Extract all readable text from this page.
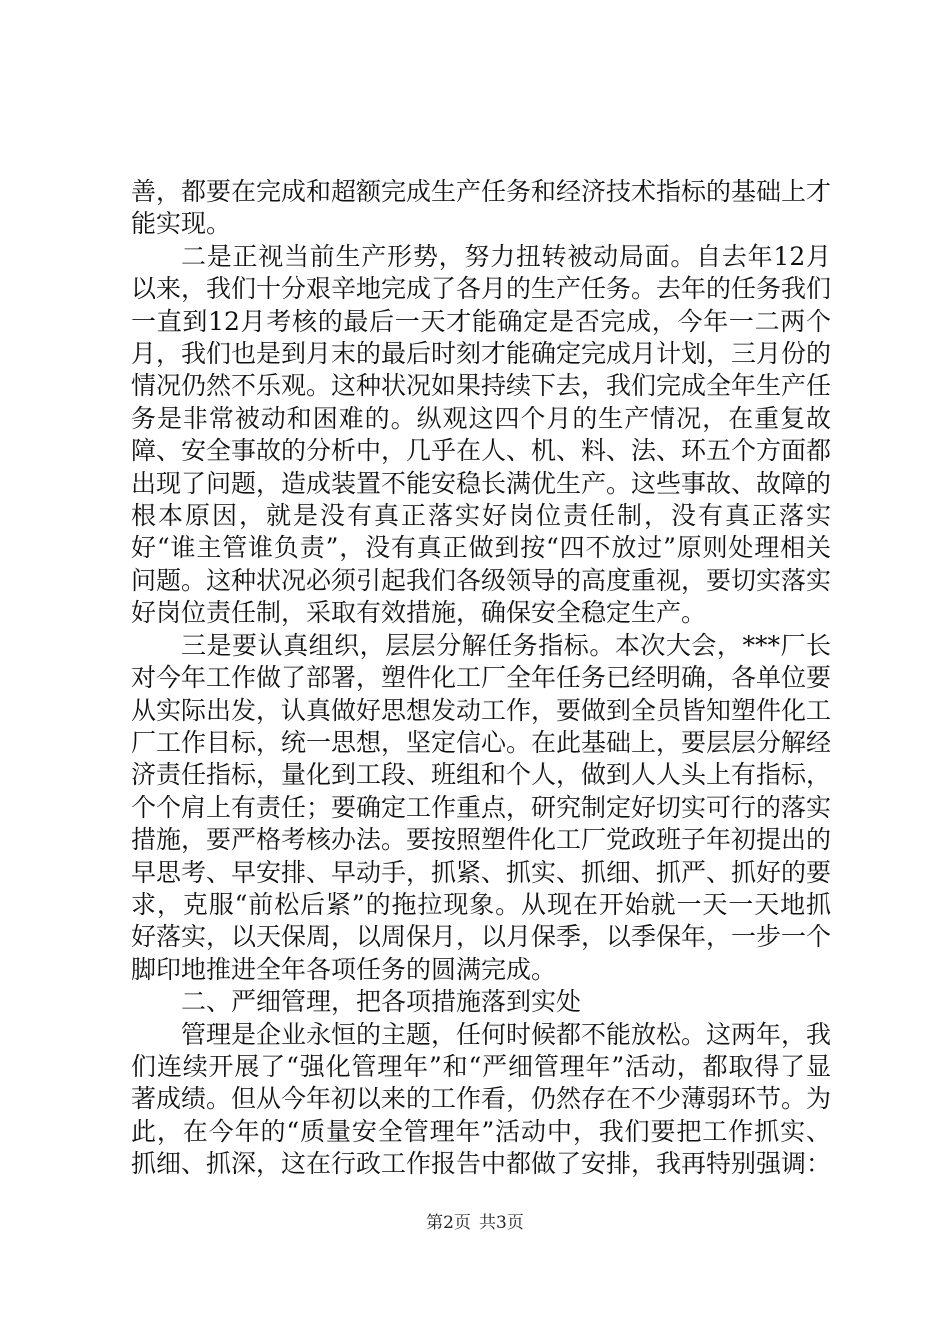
善，都要在完成和超额完成生产任务和经济技术指标的基础上才能实现。

二是正视当前生产形势，努力扭转被动局面。自去年12月以来，我们十分艰辛地完成了各月的生产任务。去年的任务我们一直到12月考核的最后一天才能确定是否完成，今年一二两个月，我们也是到月末的最后时刻才能确定完成月计划，三月份的情况仍然不乐观。这种状况如果持续下去，我们完成全年生产任务是非常被动和困难的。纵观这四个月的生产情况，在重复故障、安全事故的分析中，几乎在人、机、料、法、环五个方面都出现了问题，造成装置不能安稳长满优生产。这些事故、故障的根本原因，就是没有真正落实好岗位责任制，没有真正落实好“谁主管谁负责”，没有真正做到按“四不放过”原则处理相关问题。这种状况必须引起我们各级领导的高度重视，要切实落实好岗位责任制，采取有效措施，确保安全稳定生产。

三是要认真组织，层层分解任务指标。本次大会，***厂长对今年工作做了部署，塑件化工厂全年任务已经明确，各单位要从实际出发，认真做好思想发动工作，要做到全员皆知塑件化工厂工作目标，统一思想，坚定信心。在此基础上，要层层分解经济责任指标，量化到工段、班组和个人，做到人人头上有指标，个个肩上有责任；要确定工作重点，研究制定好切实可行的落实措施，要严格考核办法。要按照塑件化工厂党政班子年初提出的早思考、早安排、早动手，抓紧、抓实、抓细、抓严、抓好的要求，克服“前松后紧”的拖拉现象。从现在开始就一天一天地抓好落实，以天保周，以周保月，以月保季，以季保年，一步一个脚印地推进全年各项任务的圆满完成。

二、严细管理，把各项措施落到实处

管理是企业永恒的主题，任何时候都不能放松。这两年，我们连续开展了“强化管理年”和“严细管理年”活动，都取得了显著成绩。但从今年初以来的工作看，仍然存在不少薄弱环节。为此，在今年的“质量安全管理年”活动中，我们要把工作抓实、抓细、抓深，这在行政工作报告中都做了安排，我再特别强调：

第2页 共3页
